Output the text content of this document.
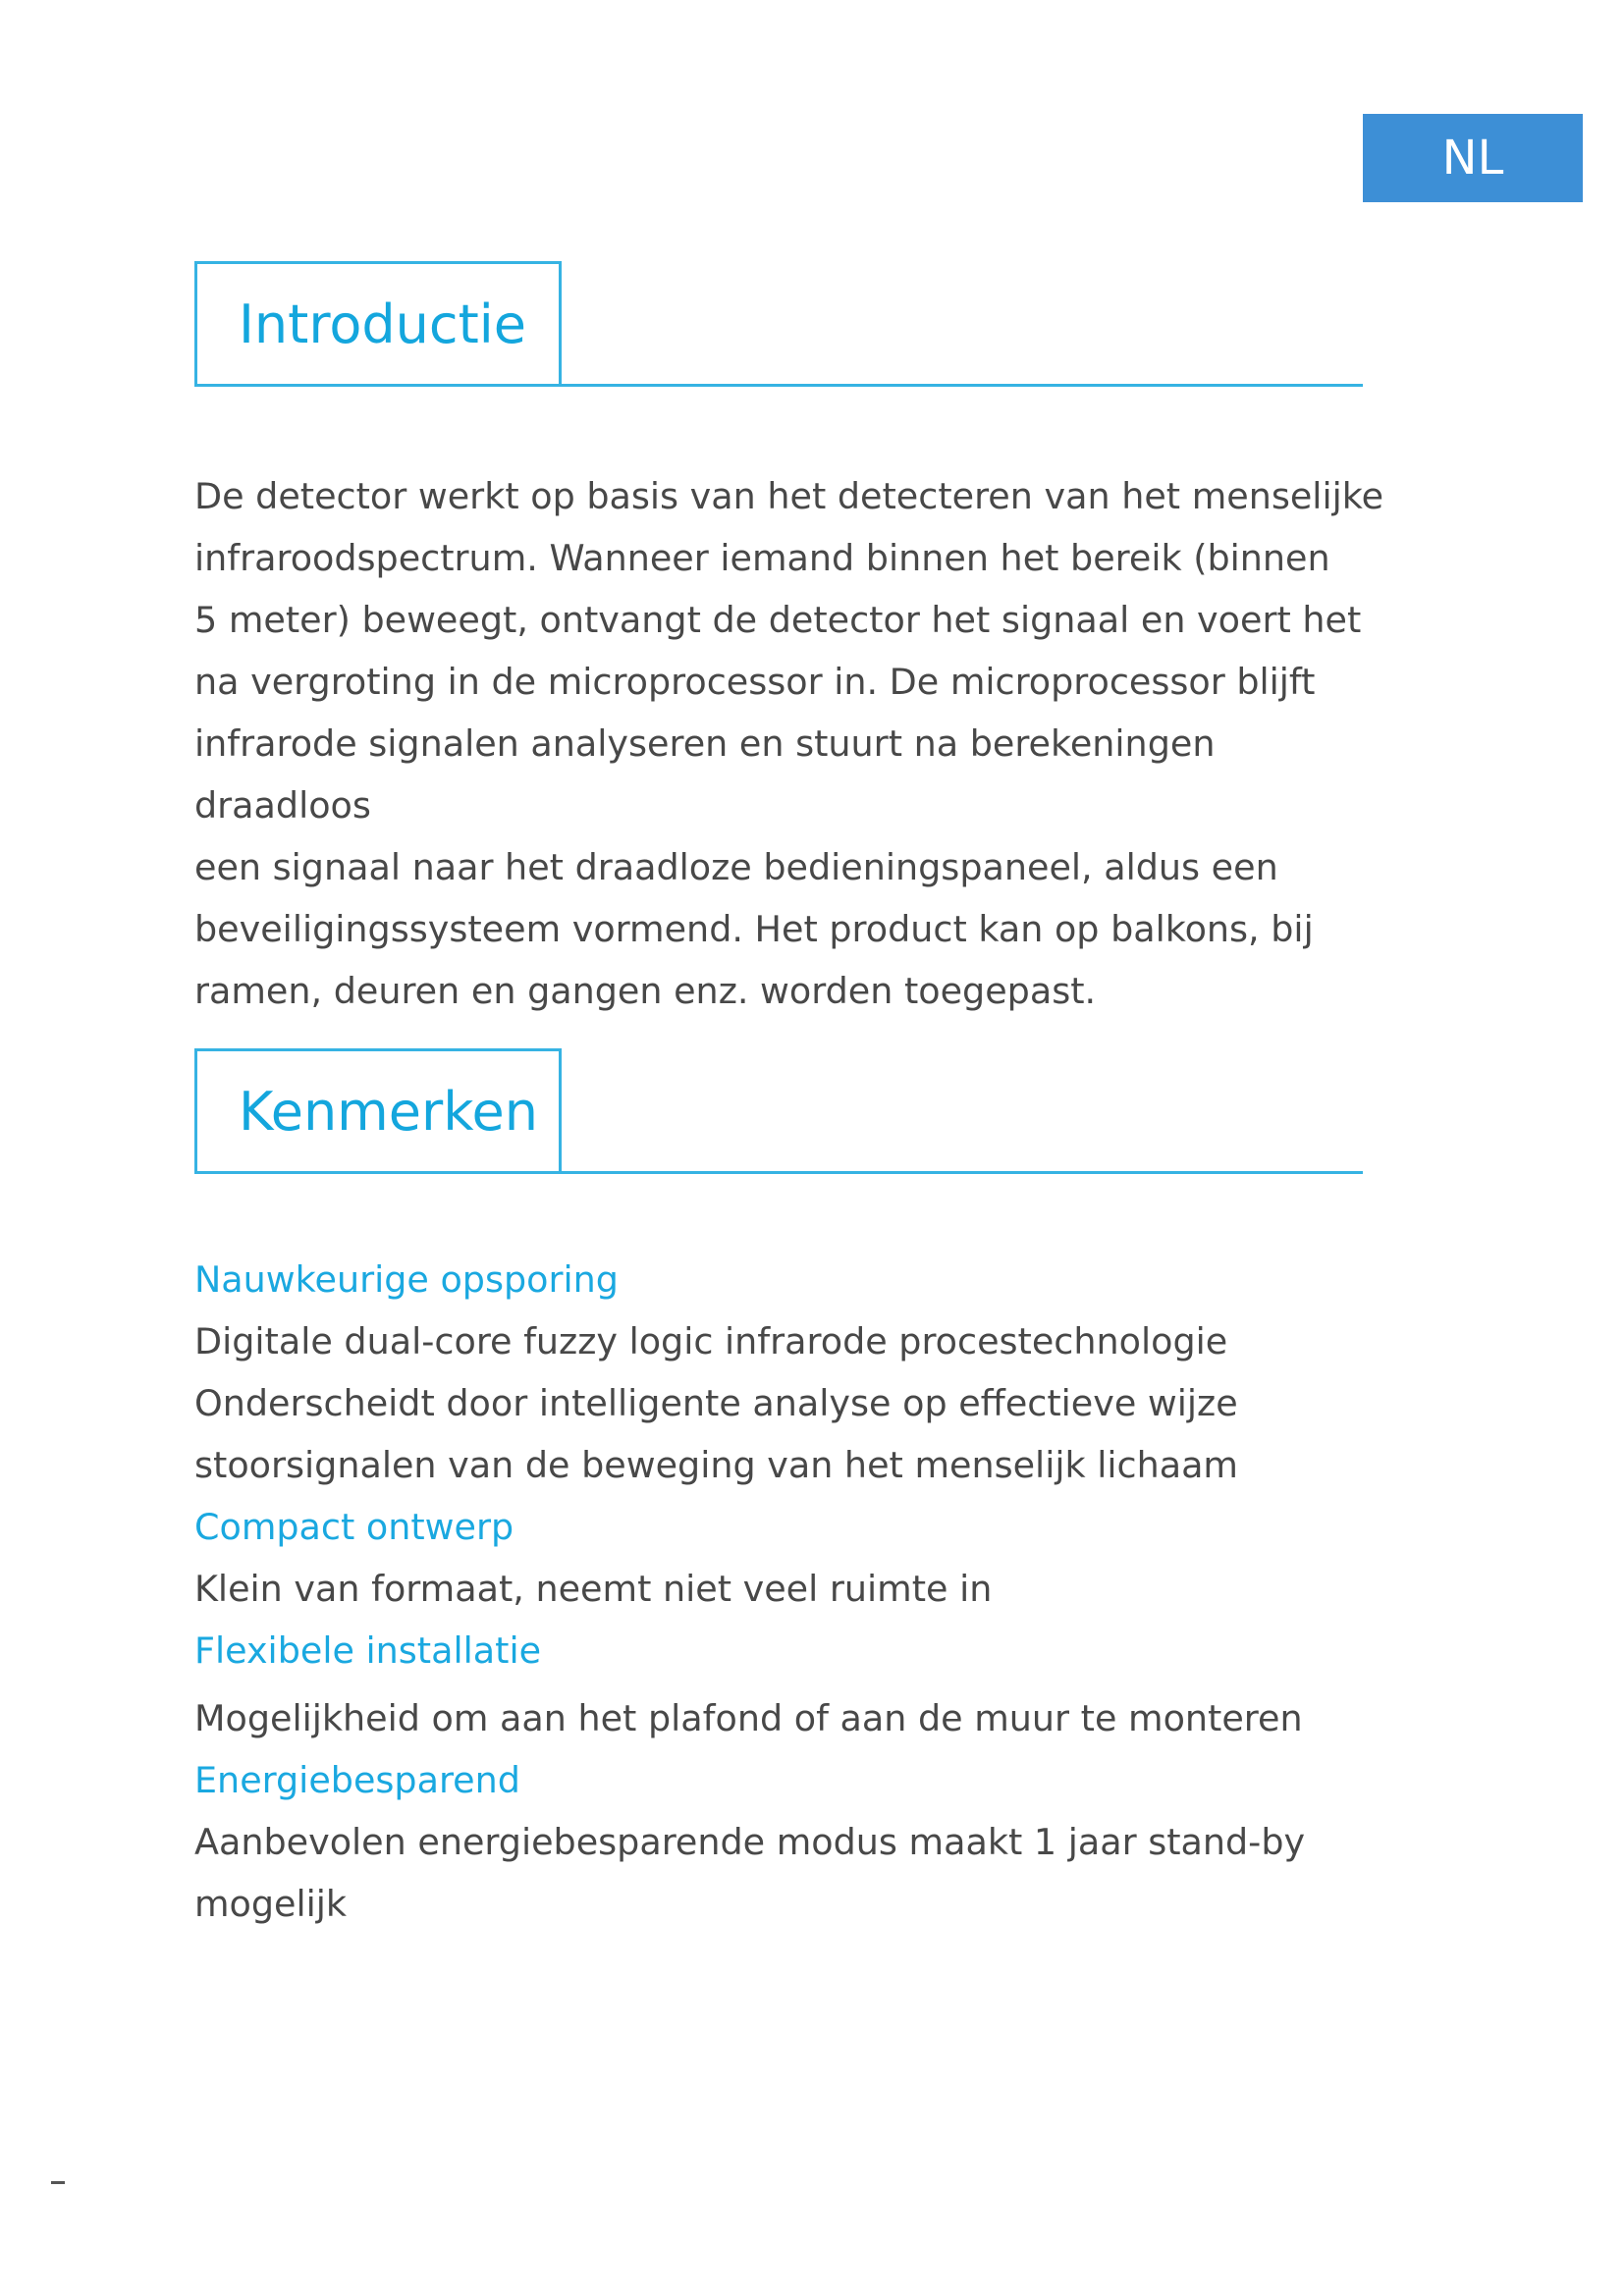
NL
Introductie

De detector werkt op basis van het detecteren van het menselijke
infraroodspectrum. Wanneer iemand binnen het bereik (binnen
5 meter) beweegt, ontvangt de detector het signaal en voert het
na vergroting in de microprocessor in. De microprocessor blijft
infrarode signalen analyseren en stuurt na berekeningen draadloos
een signaal naar het draadloze bedieningspaneel, aldus een
beveiligingssysteem vormend. Het product kan op balkons, bij
ramen, deuren en gangen enz. worden toegepast.

Kenmerken

Nauwkeurige opsporing

Digitale dual-core fuzzy logic infrarode procestechnologie
Onderscheidt door intelligente analyse op effectieve wijze
stoorsignalen van de beweging van het menselijk lichaam

Compact ontwerp

Klein van formaat, neemt niet veel ruimte in

Flexibele installatie

Mogelijkheid om aan het plafond of aan de muur te monteren

Energiebesparend

Aanbevolen energiebesparende modus maakt 1 jaar stand-by
mogelijk
